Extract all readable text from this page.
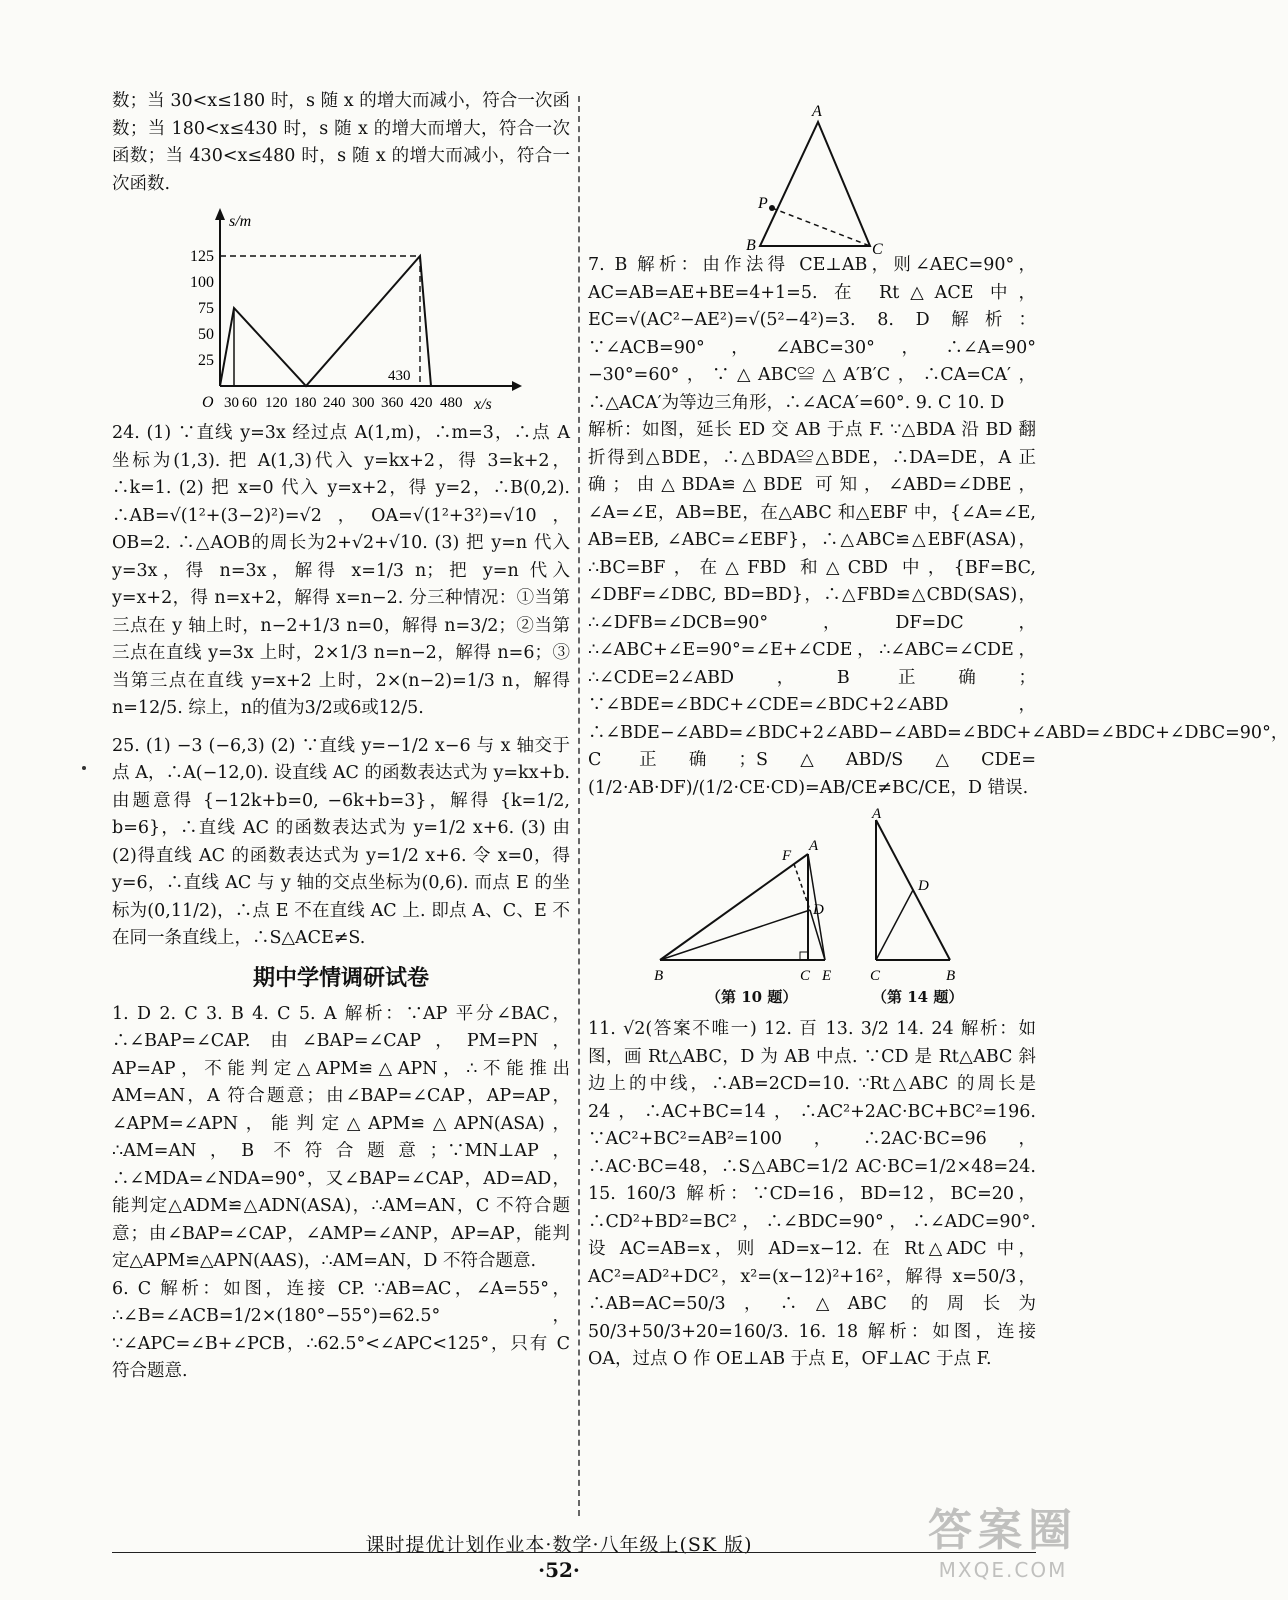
数；当 30<x≤180 时，s 随 x 的增大而减小，符合一次函数；当 180<x≤430 时，s 随 x 的增大而增大，符合一次函数；当 430<x≤480 时，s 随 x 的增大而减小，符合一次函数.

s/m
x/s
O
125
100
75
50
25
30 60 120 180 240 300 360 420 480
430

24. (1) ∵直线 y=3x 经过点 A(1,m)，∴m=3，∴点 A 坐标为(1,3). 把 A(1,3)代入 y=kx+2，得 3=k+2，∴k=1. (2) 把 x=0 代入 y=x+2，得 y=2，∴B(0,2). ∴AB=√(1²+(3−2)²)=√2，OA=√(1²+3²)=√10，OB=2. ∴△AOB的周长为2+√2+√10. (3) 把 y=n 代入 y=3x，得 n=3x，解得 x=1/3 n；把 y=n 代入 y=x+2，得 n=x+2，解得 x=n−2. 分三种情况：①当第三点在 y 轴上时，n−2+1/3 n=0，解得 n=3/2；②当第三点在直线 y=3x 上时，2×1/3 n=n−2，解得 n=6；③当第三点在直线 y=x+2 上时，2×(n−2)=1/3 n，解得 n=12/5. 综上，n的值为3/2或6或12/5.

25. (1) −3 (−6,3) (2) ∵直线 y=−1/2 x−6 与 x 轴交于点 A，∴A(−12,0). 设直线 AC 的函数表达式为 y=kx+b. 由题意得 {−12k+b=0, −6k+b=3}，解得 {k=1/2, b=6}，∴直线 AC 的函数表达式为 y=1/2 x+6. (3) 由(2)得直线 AC 的函数表达式为 y=1/2 x+6. 令 x=0，得 y=6，∴直线 AC 与 y 轴的交点坐标为(0,6). 而点 E 的坐标为(0,11/2)，∴点 E 不在直线 AC 上. 即点 A、C、E 不在同一条直线上，∴S△ACE≠S.

期中学情调研试卷

1. D 2. C 3. B 4. C 5. A 解析：∵AP 平分∠BAC，∴∠BAP=∠CAP. 由∠BAP=∠CAP，PM=PN，AP=AP，不能判定△APM≌△APN，∴不能推出 AM=AN，A 符合题意；由∠BAP=∠CAP，AP=AP，∠APM=∠APN，能判定△APM≌△APN(ASA)，∴AM=AN，B 不符合题意；∵MN⊥AP，∴∠MDA=∠NDA=90°，又∠BAP=∠CAP，AD=AD，能判定△ADM≌△ADN(ASA)，∴AM=AN，C 不符合题意；由∠BAP=∠CAP，∠AMP=∠ANP，AP=AP，能判定△APM≌△APN(AAS)，∴AM=AN，D 不符合题意.

6. C 解析：如图，连接 CP. ∵AB=AC，∠A=55°，∴∠B=∠ACB=1/2×(180°−55°)=62.5°，∵∠APC=∠B+∠PCB，∴62.5°<∠APC<125°，只有 C 符合题意.

A
B	C
P

7. B 解析：由作法得 CE⊥AB，则∠AEC=90°，AC=AB=AE+BE=4+1=5. 在 Rt△ACE 中，EC=√(AC²−AE²)=√(5²−4²)=3. 8. D 解析：∵∠ACB=90°，∠ABC=30°，∴∠A=90°−30°=60°，∵△ABC≌△A′B′C，∴CA=CA′，∴△ACA′为等边三角形，∴∠ACA′=60°. 9. C 10. D

解析：如图，延长 ED 交 AB 于点 F. ∵△BDA 沿 BD 翻折得到△BDE，∴△BDA≌△BDE，∴DA=DE，A 正确；由△BDA≌△BDE 可知，∠ABD=∠DBE，∠A=∠E，AB=BE，在△ABC 和△EBF 中，{∠A=∠E, AB=EB, ∠ABC=∠EBF}，∴△ABC≌△EBF(ASA)，∴BC=BF，在△FBD 和△CBD 中，{BF=BC, ∠DBF=∠DBC, BD=BD}，∴△FBD≌△CBD(SAS)，∴∠DFB=∠DCB=90°，DF=DC，∴∠ABC+∠E=90°=∠E+∠CDE，∴∠ABC=∠CDE，∴∠CDE=2∠ABD，B 正确；∵∠BDE=∠BDC+∠CDE=∠BDC+2∠ABD，∴∠BDE−∠ABD=∠BDC+2∠ABD−∠ABD=∠BDC+∠ABD=∠BDC+∠DBC=90°，C 正确；S△ABD/S△CDE=(1/2·AB·DF)/(1/2·CE·CD)=AB/CE≠BC/CE，D 错误.

A
F
D
B	C E
A
D
C	B
（第 10 题）	（第 14 题）

11. √2(答案不唯一) 12. 百 13. 3/2 14. 24 解析：如图，画 Rt△ABC，D 为 AB 中点. ∵CD 是 Rt△ABC 斜边上的中线，∴AB=2CD=10. ∵Rt△ABC 的周长是 24，∴AC+BC=14，∴AC²+2AC·BC+BC²=196. ∵AC²+BC²=AB²=100，∴2AC·BC=96，∴AC·BC=48，∴S△ABC=1/2 AC·BC=1/2×48=24. 15. 160/3 解析：∵CD=16，BD=12，BC=20，∴CD²+BD²=BC²，∴∠BDC=90°，∴∠ADC=90°. 设 AC=AB=x，则 AD=x−12. 在 Rt△ADC 中，AC²=AD²+DC²，x²=(x−12)²+16²，解得 x=50/3，∴AB=AC=50/3，∴△ABC 的周长为50/3+50/3+20=160/3. 16. 18 解析：如图，连接 OA，过点 O 作 OE⊥AB 于点 E，OF⊥AC 于点 F.

课时提优计划作业本·数学·八年级上(SK 版)
·52·
答案圈
MXQE.COM
